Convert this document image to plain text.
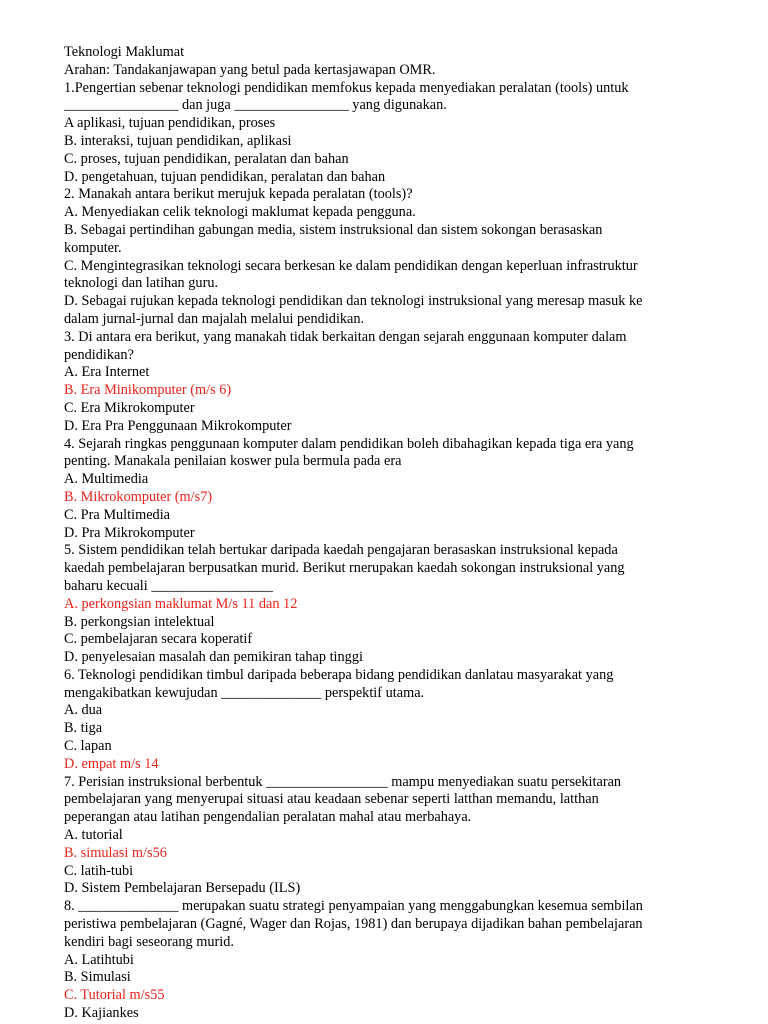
Teknologi Maklumat
Arahan: Tandakanjawapan yang betul pada kertasjawapan OMR.
1.Pengertian sebenar teknologi pendidikan memfokus kepada menyediakan peralatan (tools) untuk
________________ dan juga ________________ yang digunakan.
A aplikasi, tujuan pendidikan, proses
B. interaksi, tujuan pendidikan, aplikasi
C. proses, tujuan pendidikan, peralatan dan bahan
D. pengetahuan, tujuan pendidikan, peralatan dan bahan
2. Manakah antara berikut merujuk kepada peralatan (tools)?
A. Menyediakan celik teknologi maklumat kepada pengguna.
B. Sebagai pertindihan gabungan media, sistem instruksional dan sistem sokongan berasaskan
komputer.
C. Mengintegrasikan teknologi secara berkesan ke dalam pendidikan dengan keperluan infrastruktur
teknologi dan latihan guru.
D. Sebagai rujukan kepada teknologi pendidikan dan teknologi instruksional yang meresap masuk ke
dalam jurnal-jurnal dan majalah melalui pendidikan.
3. Di antara era berikut, yang manakah tidak berkaitan dengan sejarah enggunaan komputer dalam
pendidikan?
A. Era Internet
B. Era Minikomputer (m/s 6)
C. Era Mikrokomputer
D. Era Pra Penggunaan Mikrokomputer
4. Sejarah ringkas penggunaan komputer dalam pendidikan boleh dibahagikan kepada tiga era yang
penting. Manakala penilaian koswer pula bermula pada era
A. Multimedia
B. Mikrokomputer (m/s7)
C. Pra Multimedia
D. Pra Mikrokomputer
5. Sistem pendidikan telah bertukar daripada kaedah pengajaran berasaskan instruksional kepada
kaedah pembelajaran berpusatkan murid. Berikut rnerupakan kaedah sokongan instruksional yang
baharu kecuali _________________
A. perkongsian maklumat M/s 11 dan 12
B. perkongsian intelektual
C. pembelajaran secara koperatif
D. penyelesaian masalah dan pemikiran tahap tinggi
6. Teknologi pendidikan timbul daripada beberapa bidang pendidikan danlatau masyarakat yang
mengakibatkan kewujudan ______________ perspektif utama.
A. dua
B. tiga
C. lapan
D. empat m/s 14
7. Perisian instruksional berbentuk _________________ mampu menyediakan suatu persekitaran
pembelajaran yang menyerupai situasi atau keadaan sebenar seperti latthan memandu, latthan
peperangan atau latihan pengendalian peralatan mahal atau merbahaya.
A. tutorial
B. simulasi m/s56
C. latih-tubi
D. Sistem Pembelajaran Bersepadu (ILS)
8. ______________ merupakan suatu strategi penyampaian yang menggabungkan kesemua sembilan
peristiwa pembelajaran (Gagné, Wager dan Rojas, 1981) dan berupaya dijadikan bahan pembelajaran
kendiri bagi seseorang murid.
A. Latihtubi
B. Simulasi
C. Tutorial m/s55
D. Kajiankes
